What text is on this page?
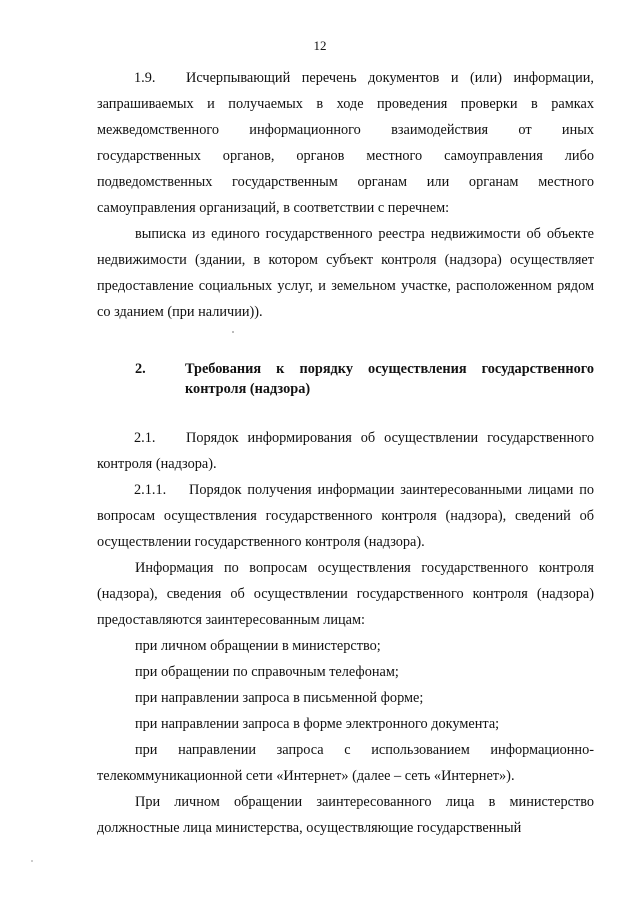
12

1.9. Исчерпывающий перечень документов и (или) информации, запрашиваемых и получаемых в ходе проведения проверки в рамках межведомственного информационного взаимодействия от иных государственных органов, органов местного самоуправления либо подведомственных государственным органам или органам местного самоуправления организаций, в соответствии с перечнем:

выписка из единого государственного реестра недвижимости об объекте недвижимости (здании, в котором субъект контроля (надзора) осуществляет предоставление социальных услуг, и земельном участке, расположенном рядом со зданием (при наличии)).

2.	Требования к порядку осуществления государственного контроля (надзора)

2.1. Порядок информирования об осуществлении государственного контроля (надзора).

2.1.1. Порядок получения информации заинтересованными лицами по вопросам осуществления государственного контроля (надзора), сведений об осуществлении государственного контроля (надзора).

Информация по вопросам осуществления государственного контроля (надзора), сведения об осуществлении государственного контроля (надзора) предоставляются заинтересованным лицам:

при личном обращении в министерство;

при обращении по справочным телефонам;

при направлении запроса в письменной форме;

при направлении запроса в форме электронного документа;

при направлении запроса с использованием информационно-телекоммуникационной сети «Интернет» (далее – сеть «Интернет»).

При личном обращении заинтересованного лица в министерство должностные лица министерства, осуществляющие государственный
